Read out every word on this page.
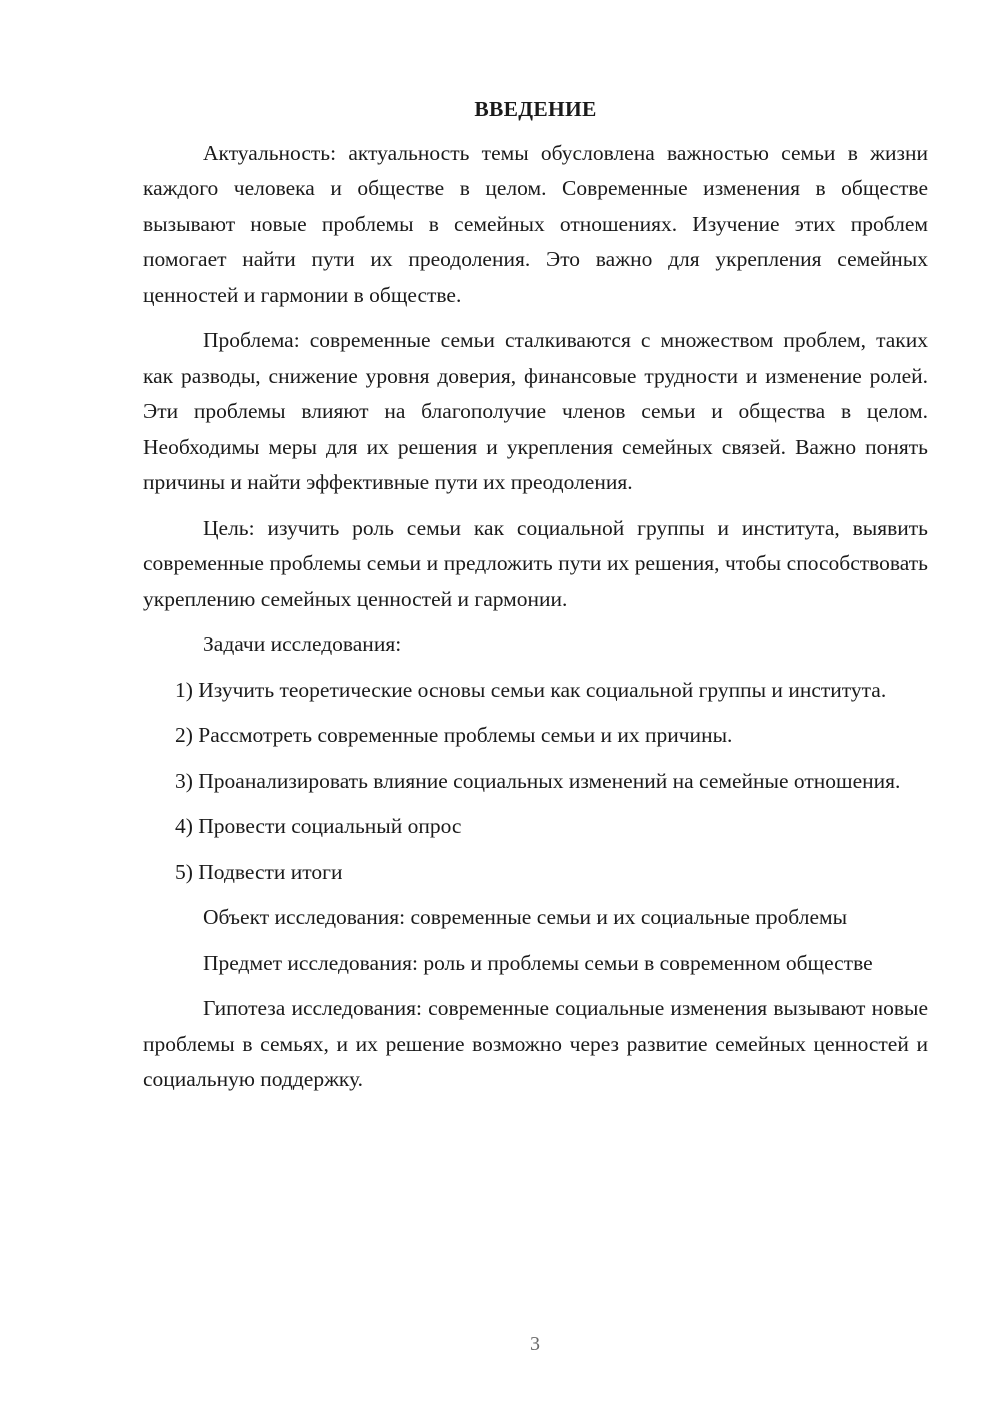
ВВЕДЕНИЕ

Актуальность: актуальность темы обусловлена важностью семьи в жизни каждого человека и обществе в целом. Современные изменения в обществе вызывают новые проблемы в семейных отношениях. Изучение этих проблем помогает найти пути их преодоления. Это важно для укрепления семейных ценностей и гармонии в обществе.

Проблема: современные семьи сталкиваются с множеством проблем, таких как разводы, снижение уровня доверия, финансовые трудности и изменение ролей. Эти проблемы влияют на благополучие членов семьи и общества в целом. Необходимы меры для их решения и укрепления семейных связей. Важно понять причины и найти эффективные пути их преодоления.

Цель: изучить роль семьи как социальной группы и института, выявить современные проблемы семьи и предложить пути их решения, чтобы способствовать укреплению семейных ценностей и гармонии.

Задачи исследования:

1) Изучить теоретические основы семьи как социальной группы и института.

2) Рассмотреть современные проблемы семьи и их причины.

3) Проанализировать влияние социальных изменений на семейные отношения.

4) Провести социальный опрос

5) Подвести итоги

Объект исследования: современные семьи и их социальные проблемы

Предмет исследования: роль и проблемы семьи в современном обществе

Гипотеза исследования: современные социальные изменения вызывают новые проблемы в семьях, и их решение возможно через развитие семейных ценностей и социальную поддержку.

3
